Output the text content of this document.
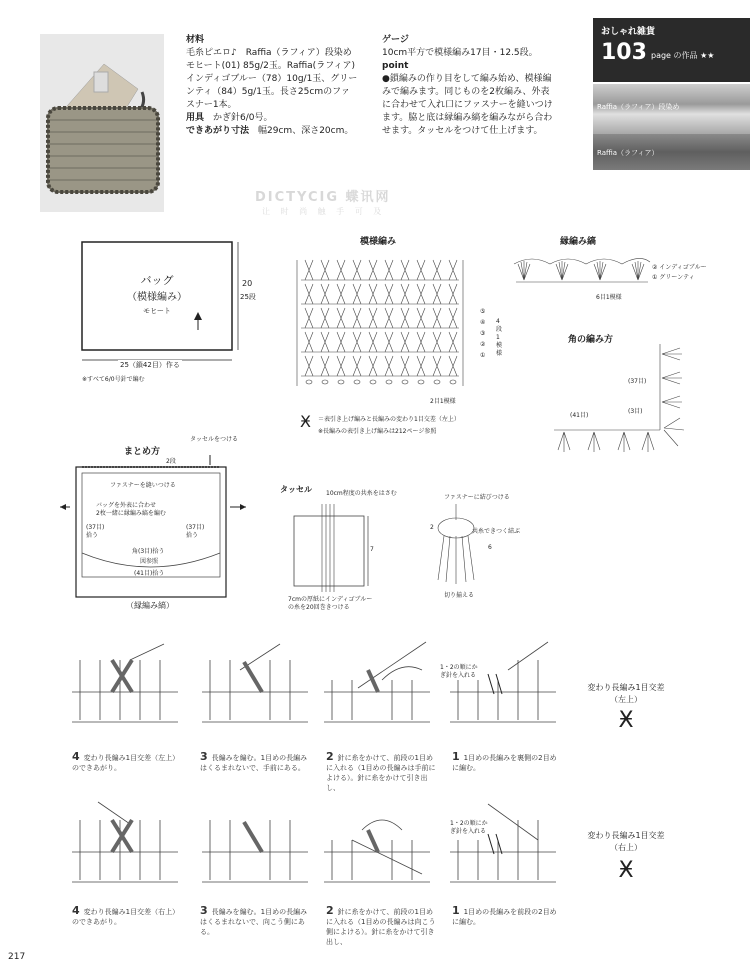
材料
毛糸ピエロ♪　Raffia（ラフィア）段染め
モヒート(01) 85g/2玉。Raffia(ラフィア)
インディゴブルー（78）10g/1玉、グリー
ンティ（84）5g/1玉。長さ25cmのファ
スナー1本。
用具　 かぎ針6/0号。
できあがり寸法　 幅29cm、深さ20cm。
ゲージ
10cm平方で模様編み17目・12.5段。
point
●鎖編みの作り目をして編み始め、模様編
みで編みます。同じものを2枚編み、外表
に合わせて入れ口にファスナーを縫いつけ
ます。脇と底は縁編み縞を編みながら合わ
せます。タッセルをつけて仕上げます。
おしゃれ雑貨
103 page の作品 ★★
Raffia（ラフィア）段染め
Raffia（ラフィア）
DICTYCIG 蝶讯网
让 时 尚 触 手 可 及
バッグ
（模様編み）
モヒート
20
25段
25（鎖42目）作る
※すべて6/0号針で編む
模様編み
⑤
④
③
②
①
4段1模様
2目1模様
Ӿ ＝表引き上げ編みと長編みの変わり1目交差（左上）
※長編みの表引き上げ編みは212ページ参照
縁編み縞
② インディゴブルー
① グリーンティ
6目1模様
角の編み方
(37目)
(3目)
(41目)
まとめ方
タッセルをつける
2段
ファスナーを縫いつける
バッグを外表に合わせ
2枚一緒に縁編み縞を編む
(37目)拾う
(37目)拾う
角(3目)拾う
図参照
(41目)拾う
（縁編み縞）
タッセル 10cm程度の共糸をはさむ
7
7cmの厚紙にインディゴブルー
の糸を20回巻きつける
ファスナーに結びつける
2
共糸できつく結ぶ
6
切り揃える
変わり長編み1目交差
（左上）
Ӿ
変わり長編み1目交差
（右上）
Ӿ
1・2の順にかぎ針を入れる
4 変わり長編み1目交差（左上）のできあがり。
3 長編みを編む。1目めの長編みはくるまれないで、手前にある。
2 針に糸をかけて、前段の1目めに入れる（1目めの長編みは手前によける）。針に糸をかけて引き出し、
1 1目めの長編みを裏側の2目めに編む。
1・2の順にかぎ針を入れる
4 変わり長編み1目交差（右上）のできあがり。
3 長編みを編む。1目めの長編みはくるまれないで、向こう側にある。
2 針に糸をかけて、前段の1目めに入れる（1目めの長編みは向こう側によける）。針に糸をかけて引き出し、
1 1目めの長編みを前段の2目めに編む。
217
